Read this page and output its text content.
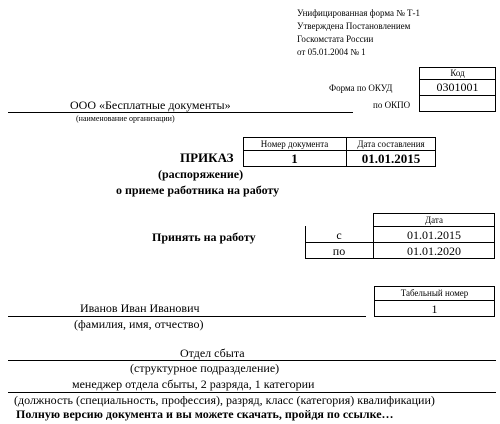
Унифицированная форма № Т-1
Утверждена Постановлением
Госкомстата России
от 05.01.2004 № 1
Код
0301001
Форма по ОКУД
по ОКПО
ООО «Бесплатные документы»
(наименование организации)
Номер документа	Дата составления
1	01.01.2015
ПРИКАЗ
(распоряжение)
о приеме работника на работу
Дата
с	01.01.2015
по	01.01.2020
Принять на работу
Табельный номер
1
Иванов Иван Иванович
(фамилия, имя, отчество)
Отдел сбыта
(структурное подразделение)
менеджер отдела сбыты, 2 разряда, 1 категории
(должность (специальность, профессия), разряд, класс (категория) квалификации)
Полную версию документа и вы можете скачать, пройдя по ссылке…
